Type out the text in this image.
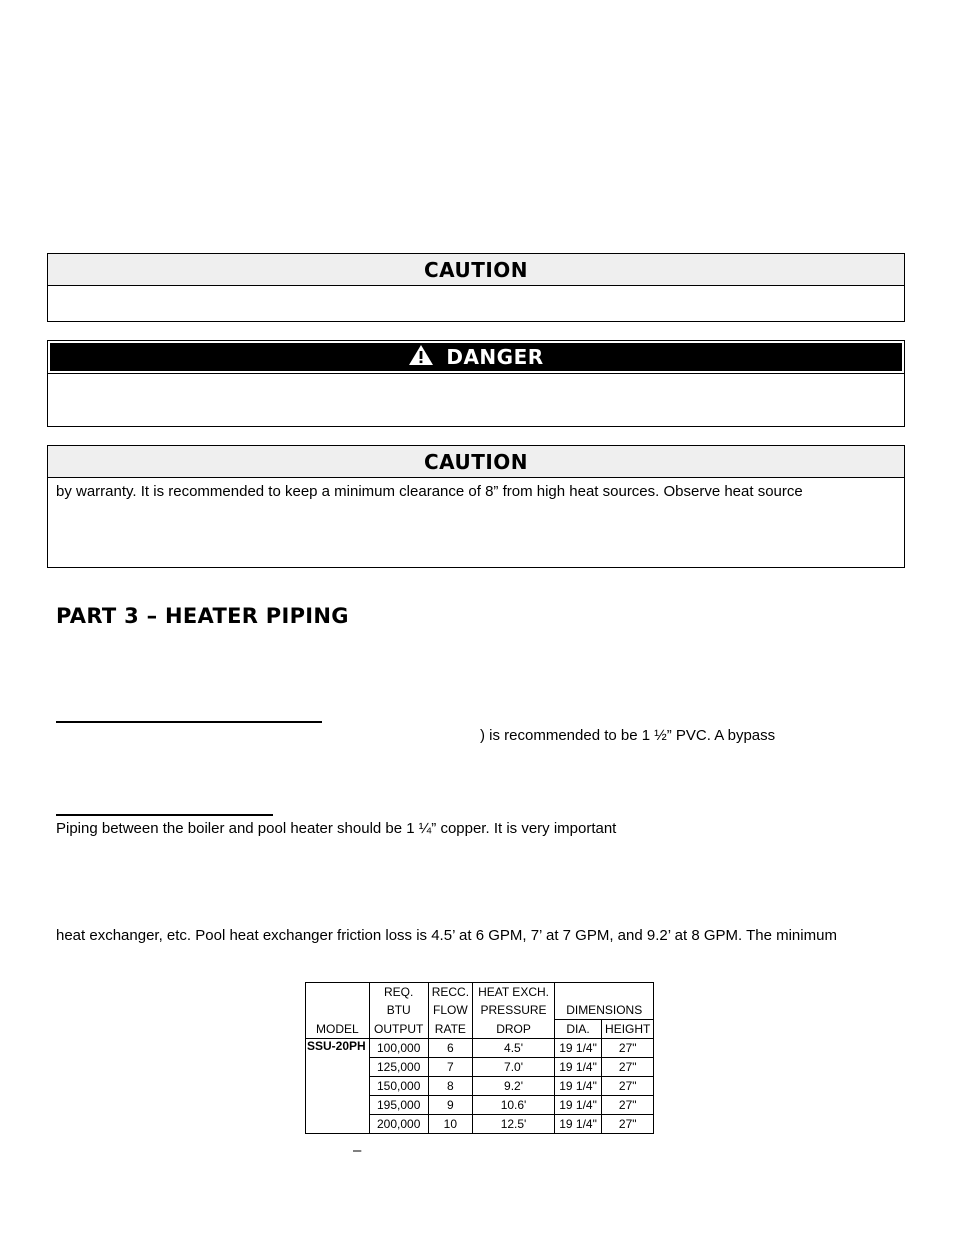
CAUTION
DANGER
CAUTION
by warranty. It is recommended to keep a minimum clearance of 8” from high heat sources. Observe heat source
PART 3 – HEATER PIPING
) is recommended to be 1 ½” PVC. A bypass
Piping between the boiler and pool heater should be 1 ¼” copper. It is very important
heat exchanger, etc. Pool heat exchanger friction loss is 4.5’ at 6 GPM, 7’ at 7 GPM, and 9.2’ at 8 GPM. The minimum
	REQ.	RECC.	HEAT EXCH.		
	BTU	FLOW	PRESSURE	DIMENSIONS	
MODEL	OUTPUT	RATE	DROP	DIA.	HEIGHT
SSU-20PH	100,000	6	4.5'	19 1/4"	27"
	125,000	7	7.0'	19 1/4"	27"
	150,000	8	9.2'	19 1/4"	27"
	195,000	9	10.6'	19 1/4"	27"
	200,000	10	12.5'	19 1/4"	27"
–
